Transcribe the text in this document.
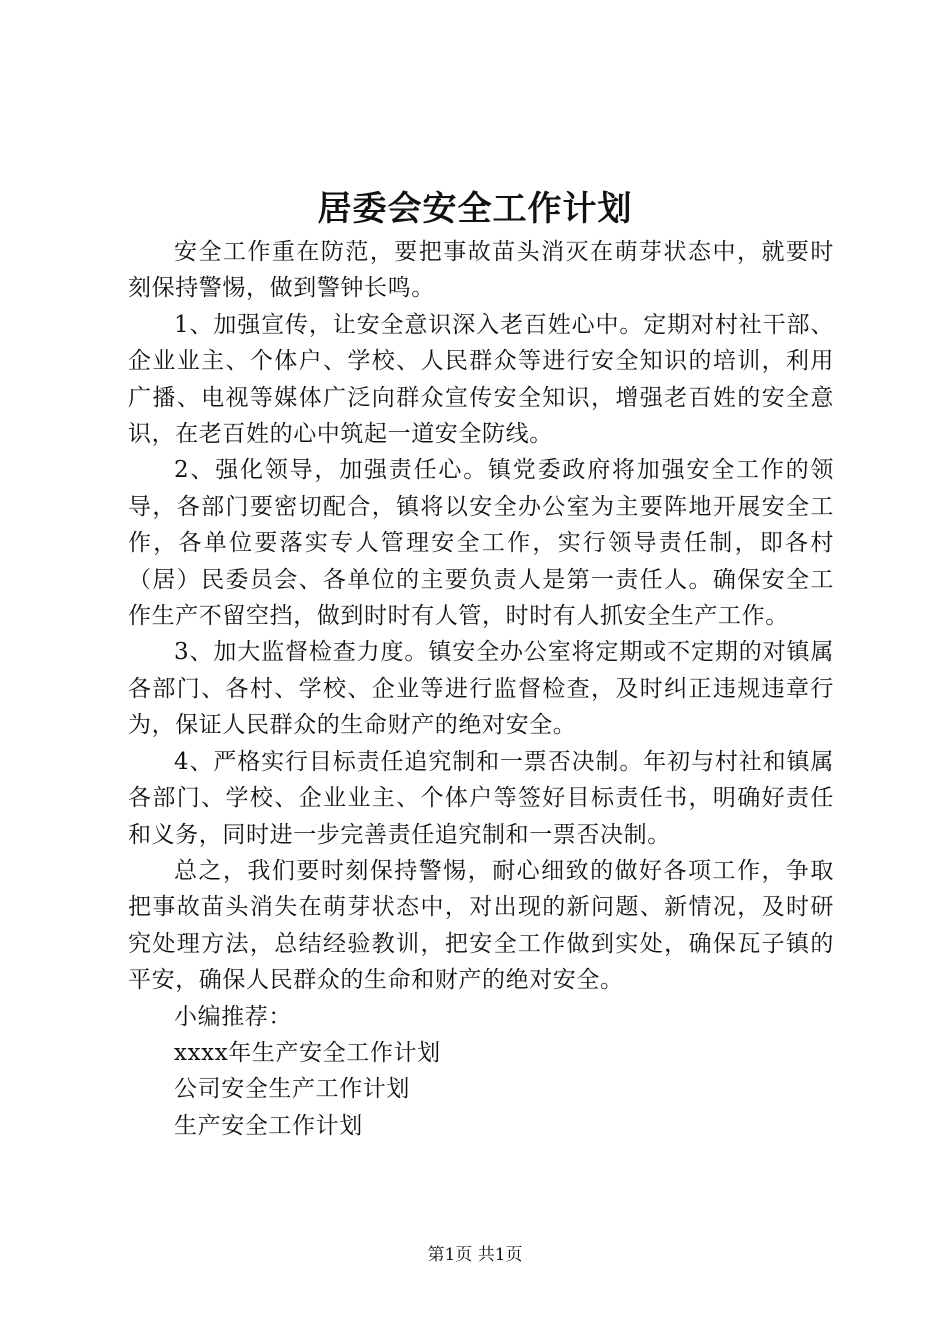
居委会安全工作计划

安全工作重在防范，要把事故苗头消灭在萌芽状态中，就要时刻保持警惕，做到警钟长鸣。

1、加强宣传，让安全意识深入老百姓心中。定期对村社干部、企业业主、个体户、学校、人民群众等进行安全知识的培训，利用广播、电视等媒体广泛向群众宣传安全知识，增强老百姓的安全意识，在老百姓的心中筑起一道安全防线。

2、强化领导，加强责任心。镇党委政府将加强安全工作的领导，各部门要密切配合，镇将以安全办公室为主要阵地开展安全工作，各单位要落实专人管理安全工作，实行领导责任制，即各村（居）民委员会、各单位的主要负责人是第一责任人。确保安全工作生产不留空挡，做到时时有人管，时时有人抓安全生产工作。

3、加大监督检查力度。镇安全办公室将定期或不定期的对镇属各部门、各村、学校、企业等进行监督检查，及时纠正违规违章行为，保证人民群众的生命财产的绝对安全。

4、严格实行目标责任追究制和一票否决制。年初与村社和镇属各部门、学校、企业业主、个体户等签好目标责任书，明确好责任和义务，同时进一步完善责任追究制和一票否决制。

总之，我们要时刻保持警惕，耐心细致的做好各项工作，争取把事故苗头消失在萌芽状态中，对出现的新问题、新情况，及时研究处理方法，总结经验教训，把安全工作做到实处，确保瓦子镇的平安，确保人民群众的生命和财产的绝对安全。

小编推荐：

xxxx年生产安全工作计划

公司安全生产工作计划

生产安全工作计划

第1页 共1页
